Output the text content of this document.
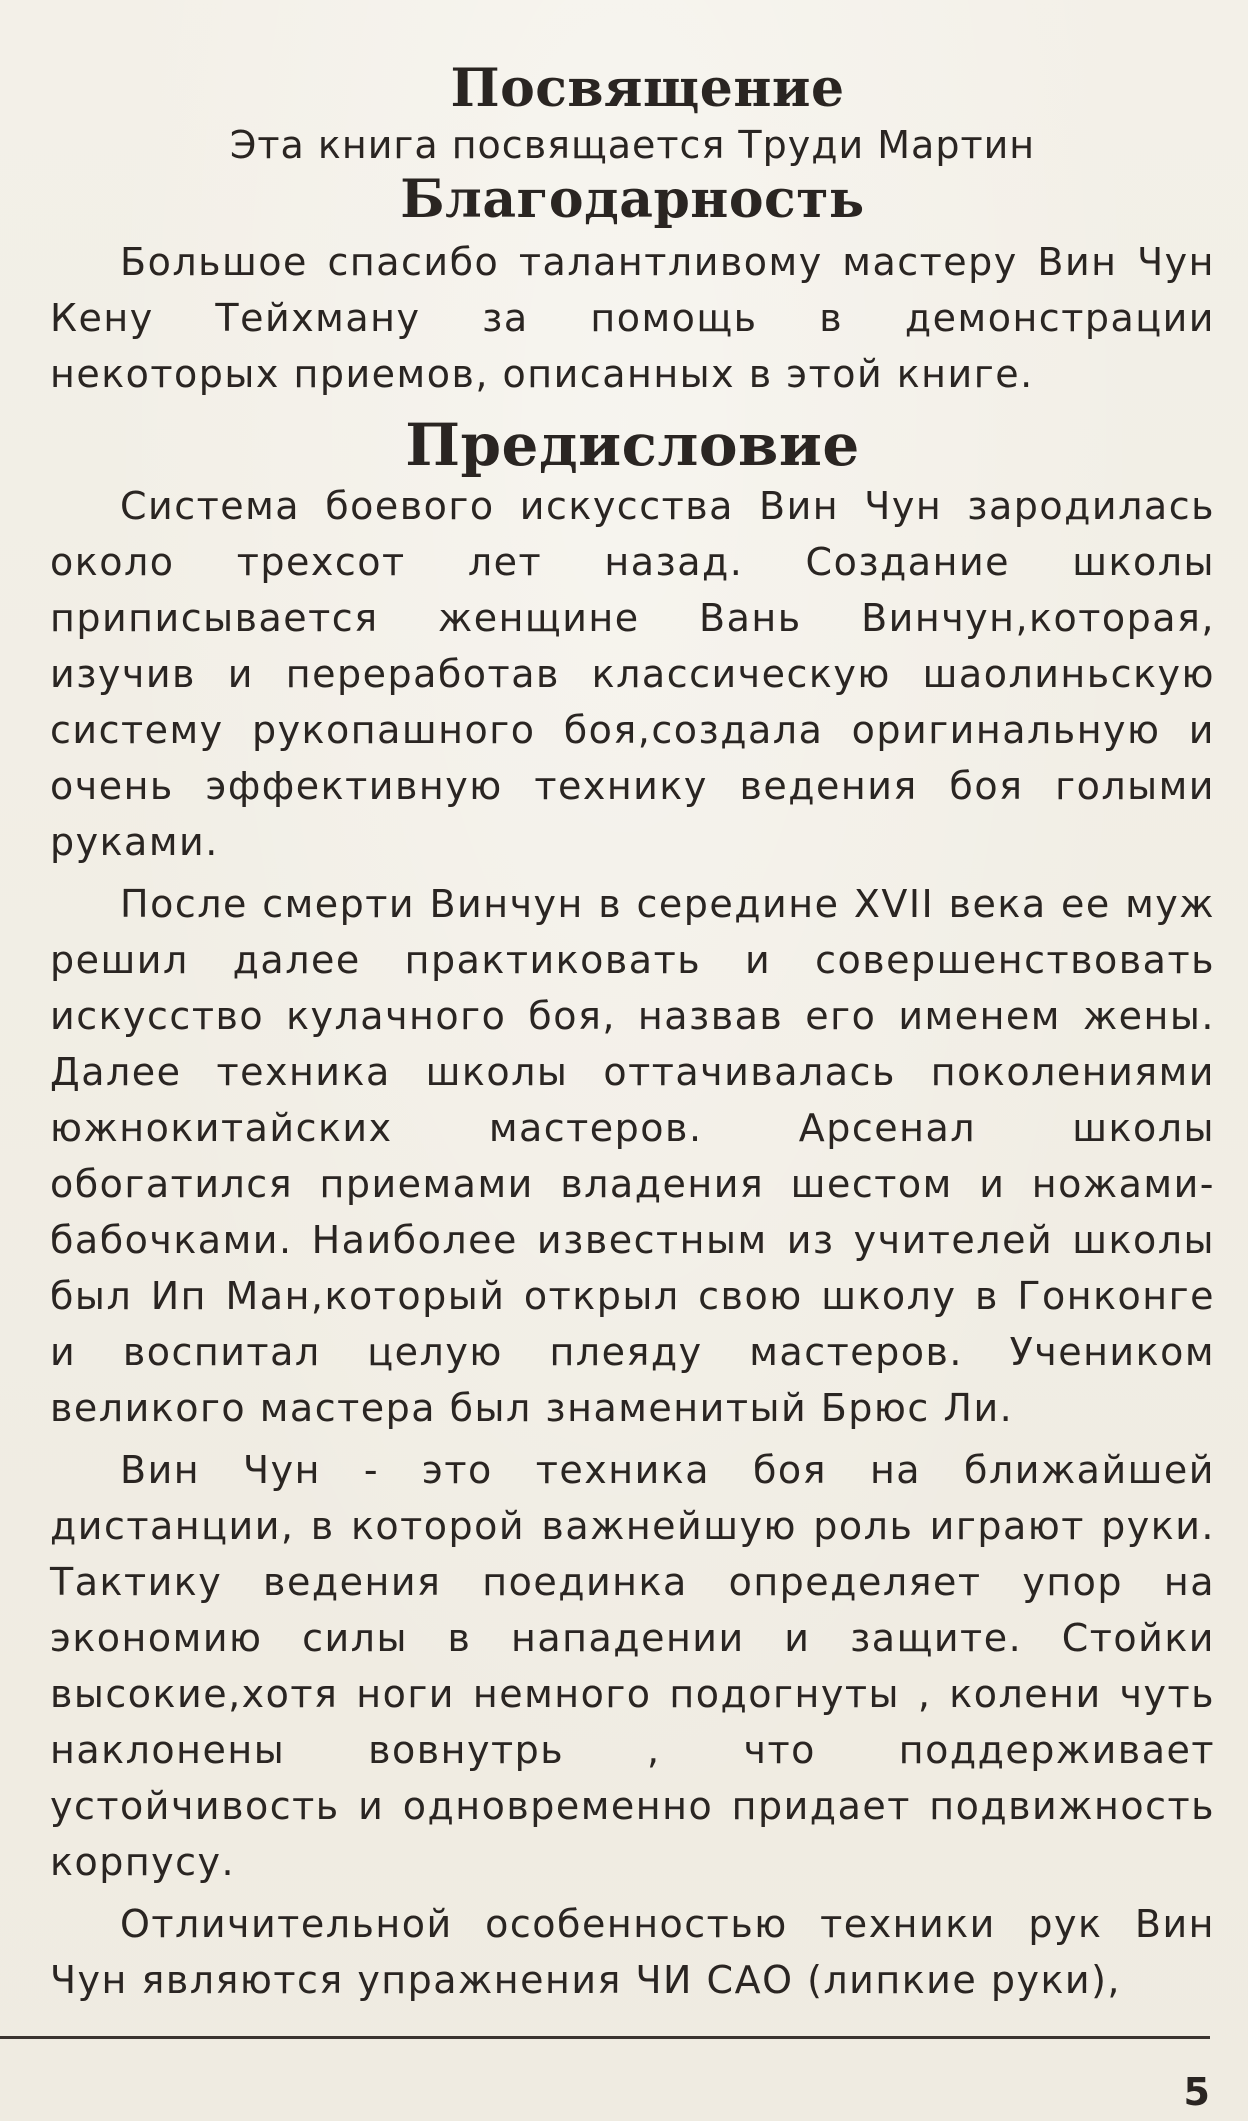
Посвящение
Эта книга посвящается Труди Мартин
Благодарность

Большое спасибо талантливому мастеру Вин Чун Кену Тейхману за помощь в демонстрации некоторых приемов, описанных в этой книге.

Предисловие

Система боевого искусства Вин Чун зародилась около трехсот лет назад. Создание школы приписывается женщине Вань Винчун,которая, изучив и переработав классическую шаолиньскую систему рукопашного боя,создала оригинальную и очень эффективную технику ведения боя голыми руками.

После смерти Винчун в середине XVII века ее муж решил далее практиковать и совершенствовать искусство кулачного боя, назвав его именем жены. Далее техника школы оттачивалась поколениями южнокитайских мастеров. Арсенал школы обогатился приемами владения шестом и ножами-бабочками. Наиболее известным из учителей школы был Ип Ман,который открыл свою школу в Гонконге и воспитал целую плеяду мастеров. Учеником великого мастера был знаменитый Брюс Ли.

Вин Чун - это техника боя на ближайшей дистанции, в которой важнейшую роль играют руки. Тактику ведения поединка определяет упор на экономию силы в нападении и защите. Стойки высокие,хотя ноги немного подогнуты , колени чуть наклонены вовнутрь , что поддерживает устойчивость и одновременно придает подвижность корпусу.

Отличительной особенностью техники рук Вин Чун являются упражнения ЧИ САО (липкие руки),

5
